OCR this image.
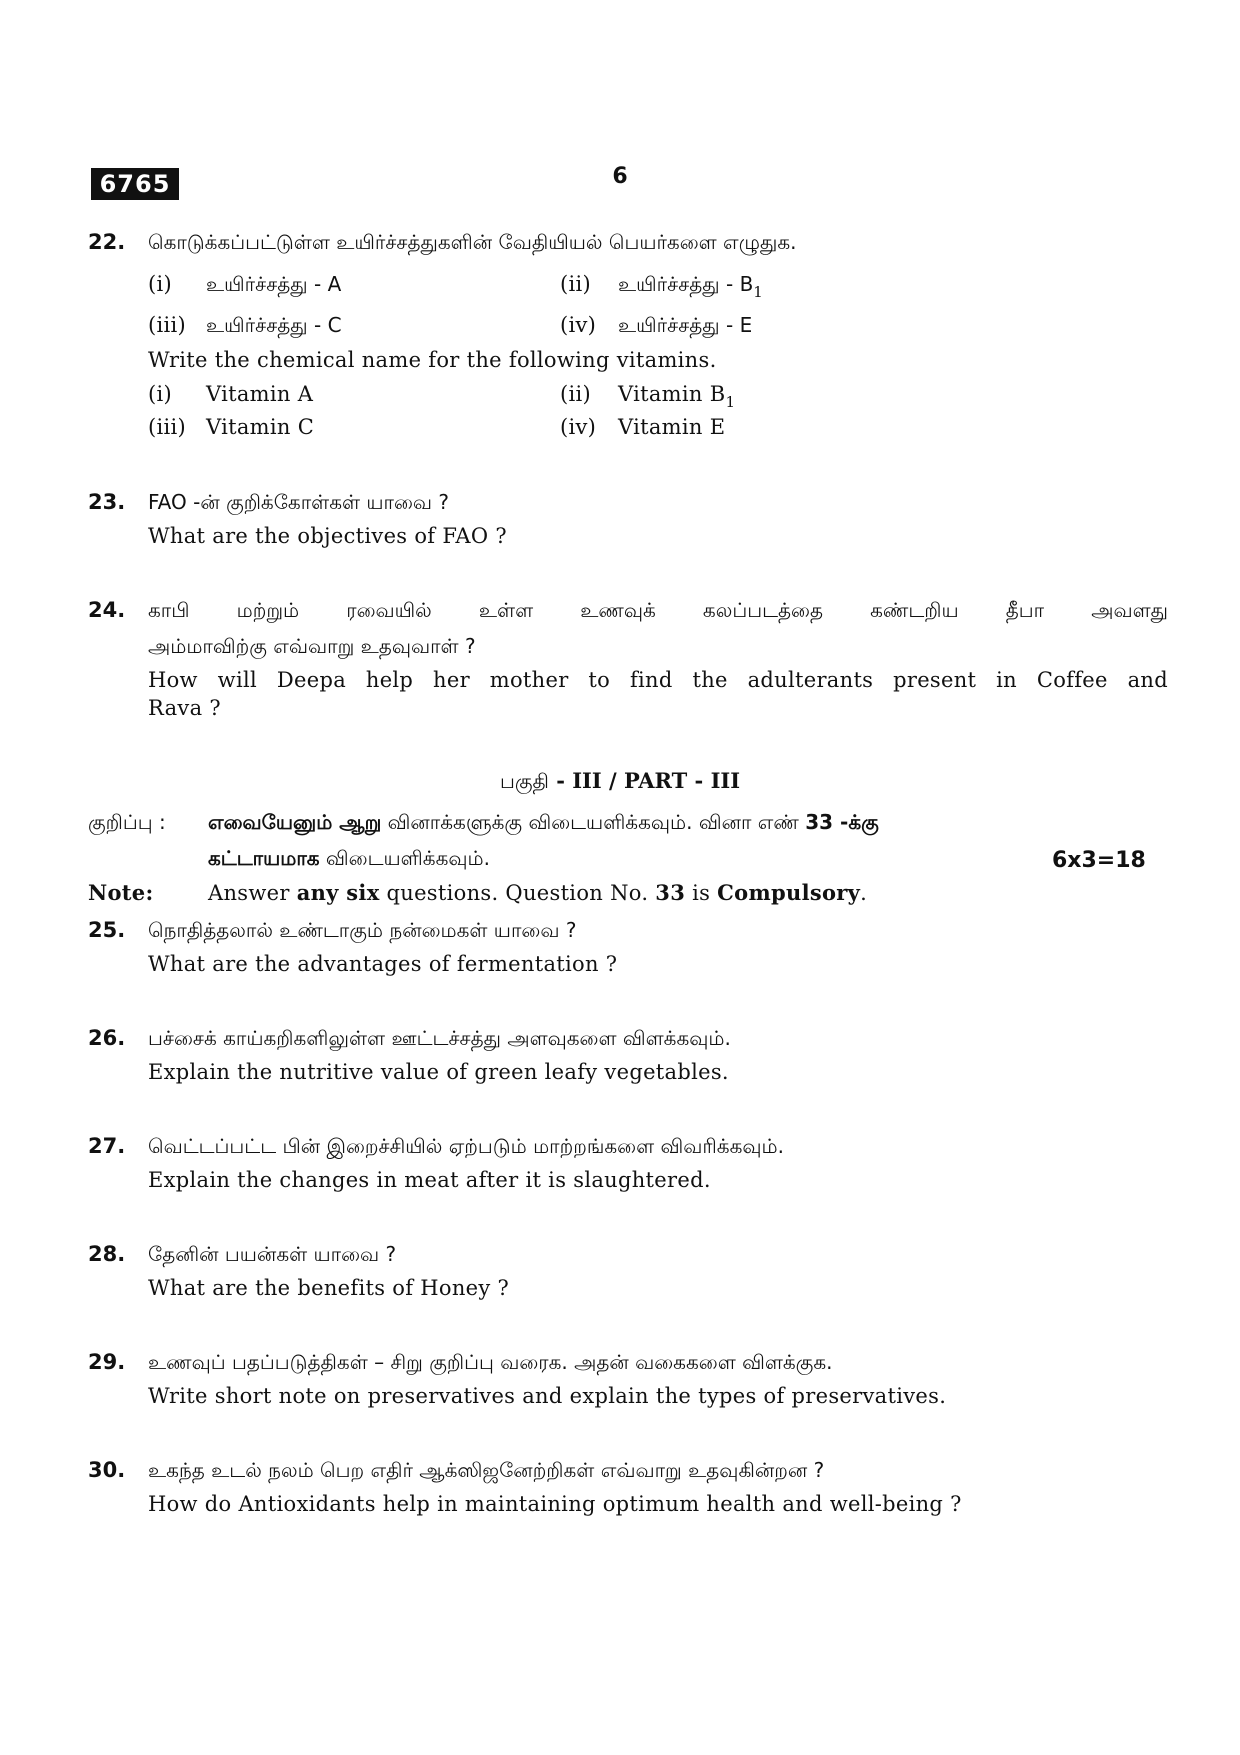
6765	6
22. கொடுக்கப்பட்டுள்ள உயிர்ச்சத்துகளின் வேதியியல் பெயர்களை எழுதுக.
(i) உயிர்ச்சத்து - A	(ii) உயிர்ச்சத்து - $B_1$
(iii) உயிர்ச்சத்து - C	(iv) உயிர்ச்சத்து - E
Write the chemical name for the following vitamins.
(i) Vitamin A	(ii) Vitamin $B_1$
(iii) Vitamin C	(iv) Vitamin E
23. FAO -ன் குறிக்கோள்கள் யாவை ?
What are the objectives of FAO ?
24. காபி மற்றும் ரவையில் உள்ள உணவுக் கலப்படத்தை கண்டறிய தீபா அவளது
அம்மாவிற்கு எவ்வாறு உதவுவாள் ?
How will Deepa help her mother to find the adulterants present in Coffee and
Rava ?
பகுதி - III / PART - III
குறிப்பு : எவையேனும் ஆறு வினாக்களுக்கு விடையளிக்கவும். வினா எண் 33 -க்கு
கட்டாயமாக விடையளிக்கவும்.	6x3=18
Note:	Answer any six questions. Question No. 33 is Compulsory.
25. நொதித்தலால் உண்டாகும் நன்மைகள் யாவை ?
What are the advantages of fermentation ?
26. பச்சைக் காய்கறிகளிலுள்ள ஊட்டச்சத்து அளவுகளை விளக்கவும்.
Explain the nutritive value of green leafy vegetables.
27. வெட்டப்பட்ட பின் இறைச்சியில் ஏற்படும் மாற்றங்களை விவரிக்கவும்.
Explain the changes in meat after it is slaughtered.
28. தேனின் பயன்கள் யாவை ?
What are the benefits of Honey ?
29. உணவுப் பதப்படுத்திகள் – சிறு குறிப்பு வரைக. அதன் வகைகளை விளக்குக.
Write short note on preservatives and explain the types of preservatives.
30. உகந்த உடல் நலம் பெற எதிர் ஆக்ஸிஜனேற்றிகள் எவ்வாறு உதவுகின்றன ?
How do Antioxidants help in maintaining optimum health and well-being ?
